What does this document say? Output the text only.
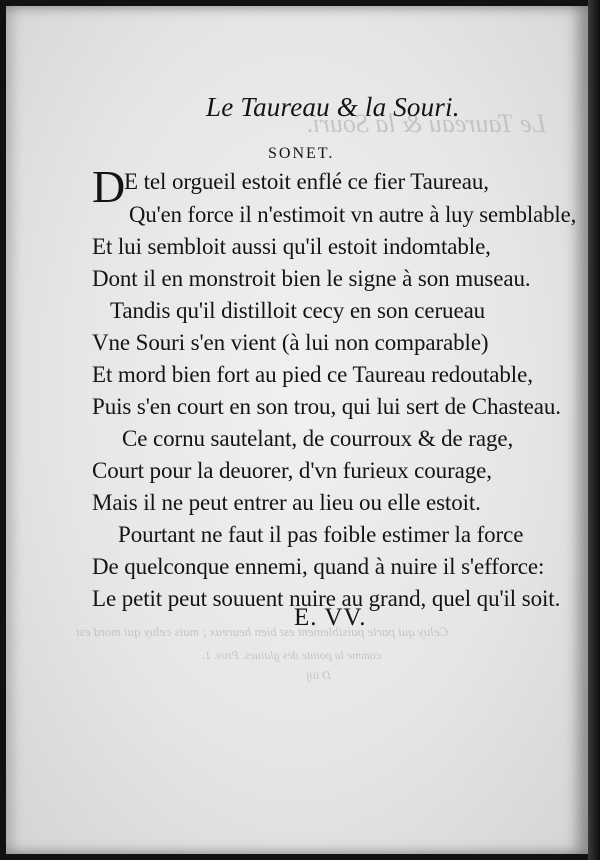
Le Taureau & la Souri.
Celuy qui parle paisiblement est bien heureux ; mais celuy qui mord est
comme la pointe des glaiues. Prov. 1.
D iiij
Le Taureau & la Souri.
SONET.
D
E tel orgueil estoit enflé ce fier Taureau,
Qu'en force il n'estimoit vn autre à luy semblable,
Et lui sembloit aussi qu'il estoit indomtable,
Dont il en monstroit bien le signe à son museau.
Tandis qu'il distilloit cecy en son cerueau
Vne Souri s'en vient (à lui non comparable)
Et mord bien fort au pied ce Taureau redoutable,
Puis s'en court en son trou, qui lui sert de Chasteau.
Ce cornu sautelant, de courroux & de rage,
Court pour la deuorer, d'vn furieux courage,
Mais il ne peut entrer au lieu ou elle estoit.
Pourtant ne faut il pas foible estimer la force
De quelconque ennemi, quand à nuire il s'efforce:
Le petit peut souuent nuire au grand, quel qu'il soit.
E. VV.
